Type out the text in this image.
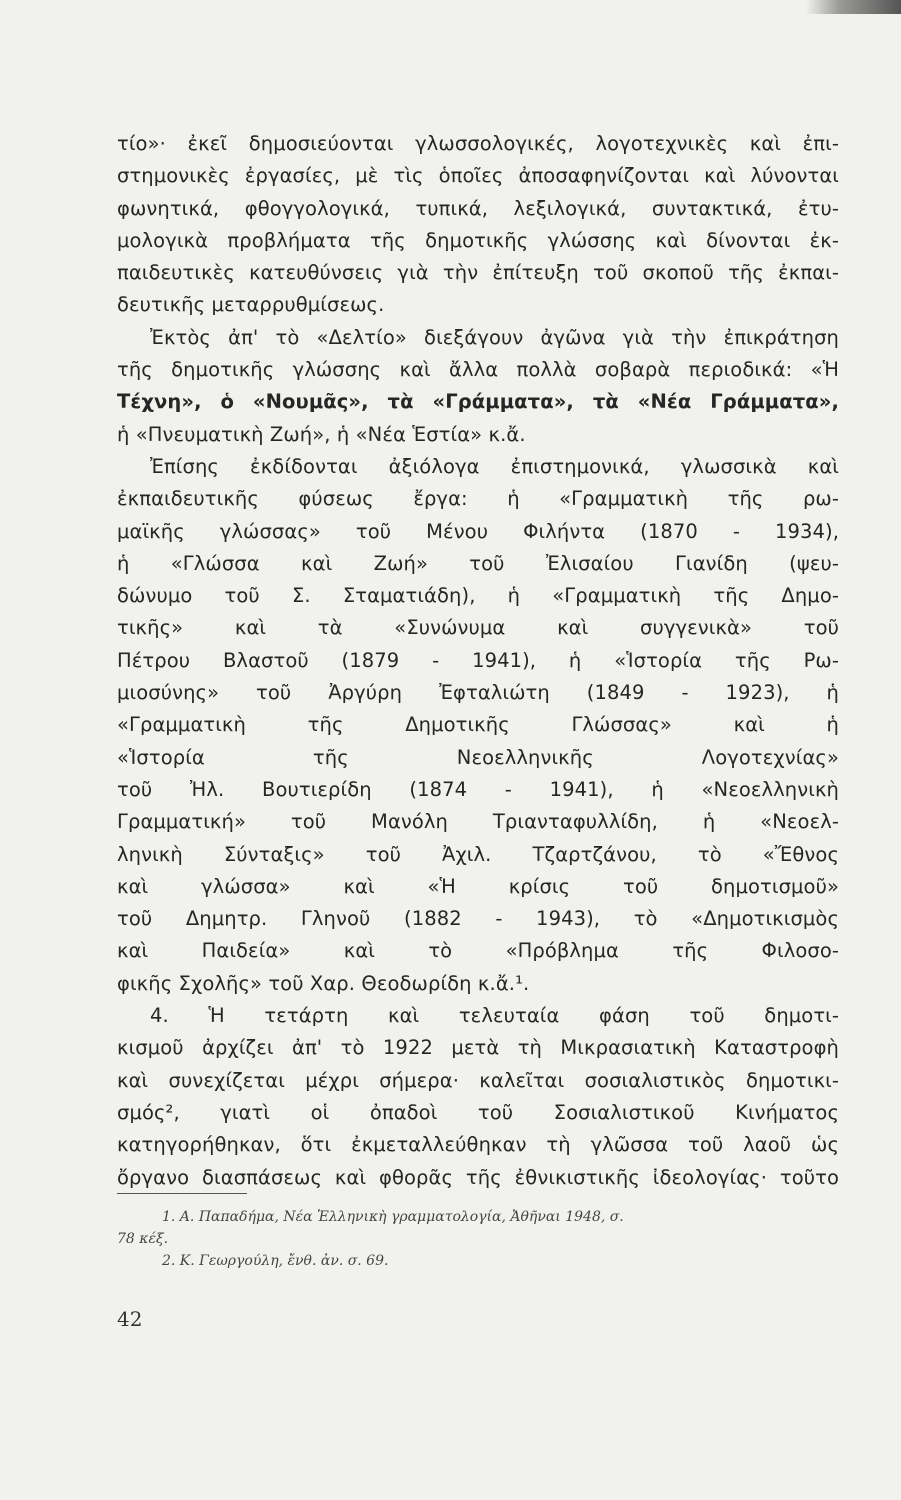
τίο»· ἐκεῖ δημοσιεύονται γλωσσολογικές, λογοτεχνικὲς καὶ ἐπι-
στημονικὲς ἐργασίες, μὲ τὶς ὁποῖες ἀποσαφηνίζονται καὶ λύνονται
φωνητικά, φθογγολογικά, τυπικά, λεξιλογικά, συντακτικά, ἐτυ-
μολογικὰ προβλήματα τῆς δημοτικῆς γλώσσης καὶ δίνονται ἐκ-
παιδευτικὲς κατευθύνσεις γιὰ τὴν ἐπίτευξη τοῦ σκοποῦ τῆς ἐκπαι-
δευτικῆς μεταρρυθμίσεως.
Ἐκτὸς ἀπ' τὸ «Δελτίο» διεξάγουν ἀγῶνα γιὰ τὴν ἐπικράτηση
τῆς δημοτικῆς γλώσσης καὶ ἄλλα πολλὰ σοβαρὰ περιοδικά: «Ἡ
Τέχνη», ὁ «Νουμᾶς», τὰ «Γράμματα», τὰ «Νέα Γράμματα»,
ἡ «Πνευματικὴ Ζωή», ἡ «Νέα Ἑστία» κ.ἄ.
Ἐπίσης ἐκδίδονται ἀξιόλογα ἐπιστημονικά, γλωσσικὰ καὶ
ἐκπαιδευτικῆς φύσεως ἔργα: ἡ «Γραμματικὴ τῆς ρω-
μαϊκῆς γλώσσας» τοῦ Μένου Φιλήντα (1870 - 1934),
ἡ «Γλώσσα καὶ Ζωή» τοῦ Ἐλισαίου Γιανίδη (ψευ-
δώνυμο τοῦ Σ. Σταματιάδη), ἡ «Γραμματικὴ τῆς Δημο-
τικῆς» καὶ τὰ «Συνώνυμα καὶ συγγενικὰ» τοῦ
Πέτρου Βλαστοῦ (1879 - 1941), ἡ «Ἱστορία τῆς Ρω-
μιοσύνης» τοῦ Ἀργύρη Ἐφταλιώτη (1849 - 1923), ἡ
«Γραμματικὴ τῆς Δημοτικῆς Γλώσσας» καὶ ἡ
«Ἱστορία τῆς Νεοελληνικῆς Λογοτεχνίας»
τοῦ Ἠλ. Βουτιερίδη (1874 - 1941), ἡ «Νεοελληνικὴ
Γραμματική» τοῦ Μανόλη Τριανταφυλλίδη, ἡ «Νεοελ-
ληνικὴ Σύνταξις» τοῦ Ἀχιλ. Τζαρτζάνου, τὸ «Ἔθνος
καὶ γλώσσα» καὶ «Ἡ κρίσις τοῦ δημοτισμοῦ»
τοῦ Δημητρ. Γληνοῦ (1882 - 1943), τὸ «Δημοτικισμὸς
καὶ Παιδεία» καὶ τὸ «Πρόβλημα τῆς Φιλοσο-
φικῆς Σχολῆς» τοῦ Χαρ. Θεοδωρίδη κ.ἄ.¹.
4. Ἡ τετάρτη καὶ τελευταία φάση τοῦ δημοτι-
κισμοῦ ἀρχίζει ἀπ' τὸ 1922 μετὰ τὴ Μικρασιατικὴ Καταστροφὴ
καὶ συνεχίζεται μέχρι σήμερα· καλεῖται σοσιαλιστικὸς δημοτικι-
σμός², γιατὶ οἱ ὀπαδοὶ τοῦ Σοσιαλιστικοῦ Κινήματος
κατηγορήθηκαν, ὅτι ἐκμεταλλεύθηκαν τὴ γλῶσσα τοῦ λαοῦ ὡς
ὄργανο διασπάσεως καὶ φθορᾶς τῆς ἐθνικιστικῆς ἰδεολογίας· τοῦτο
1. Α. Παπαδήμα, Νέα Ἑλληνικὴ γραμματολογία, Ἀθῆναι 1948, σ.
78 κέξ.
2. Κ. Γεωργούλη, ἔνθ. ἀν. σ. 69.
42
